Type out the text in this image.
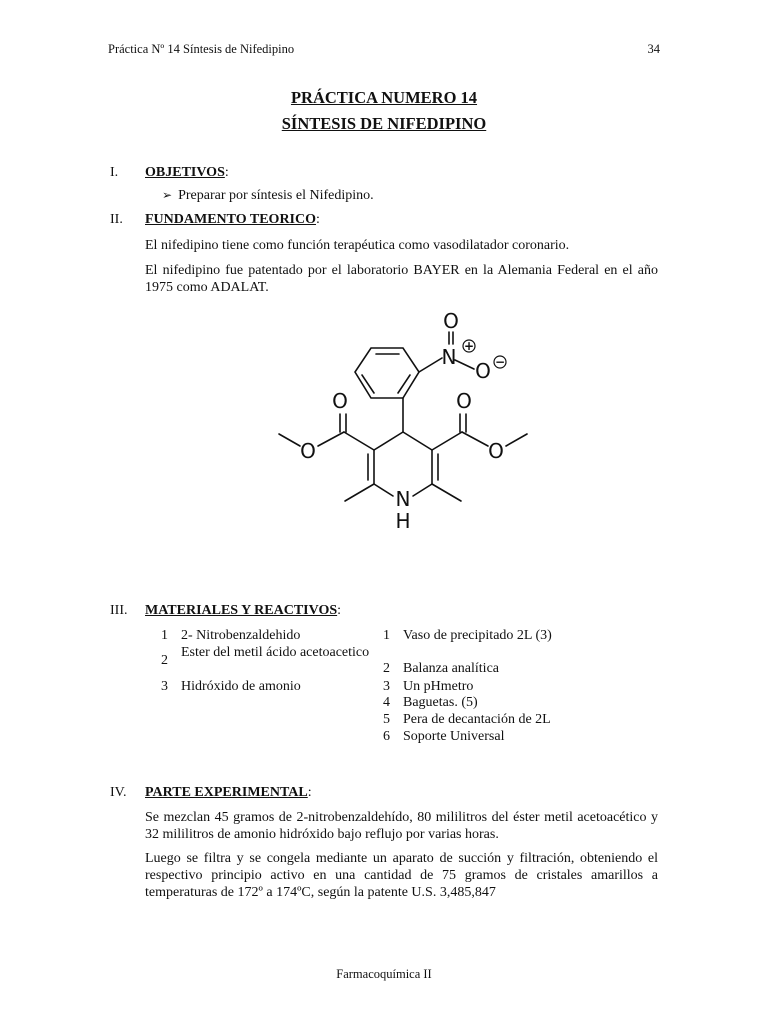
Práctica Nº 14 Síntesis de Nifedipino	34
PRÁCTICA NUMERO 14
SÍNTESIS DE NIFEDIPINO
I. OBJETIVOS:
➢ Preparar por síntesis el Nifedipino.
II. FUNDAMENTO TEORICO:
El nifedipino tiene como función terapéutica como vasodilatador coronario.
El nifedipino fue patentado por el laboratorio BAYER en la Alemania Federal en el año 1975 como ADALAT.
O
N
O
O
O
O
O
N
H
+
−
III. MATERIALES Y REACTIVOS:
1 2- Nitrobenzaldehido
2
Ester del metil ácido acetoacetico
3 Hidróxido de amonio
1 Vaso de precipitado 2L (3)
2 Balanza analítica
3 Un pHmetro
4 Baguetas. (5)
5 Pera de decantación de 2L
6 Soporte Universal
IV. PARTE EXPERIMENTAL:
Se mezclan 45 gramos de 2-nitrobenzaldehído, 80 mililitros del éster metil acetoacético y 32 mililitros de amonio hidróxido bajo reflujo por varias horas.
Luego se filtra y se congela mediante un aparato de succión y filtración, obteniendo el respectivo principio activo en una cantidad de 75 gramos de cristales amarillos a temperaturas de 172º a 174ºC, según la patente U.S. 3,485,847
Farmacoquímica II
